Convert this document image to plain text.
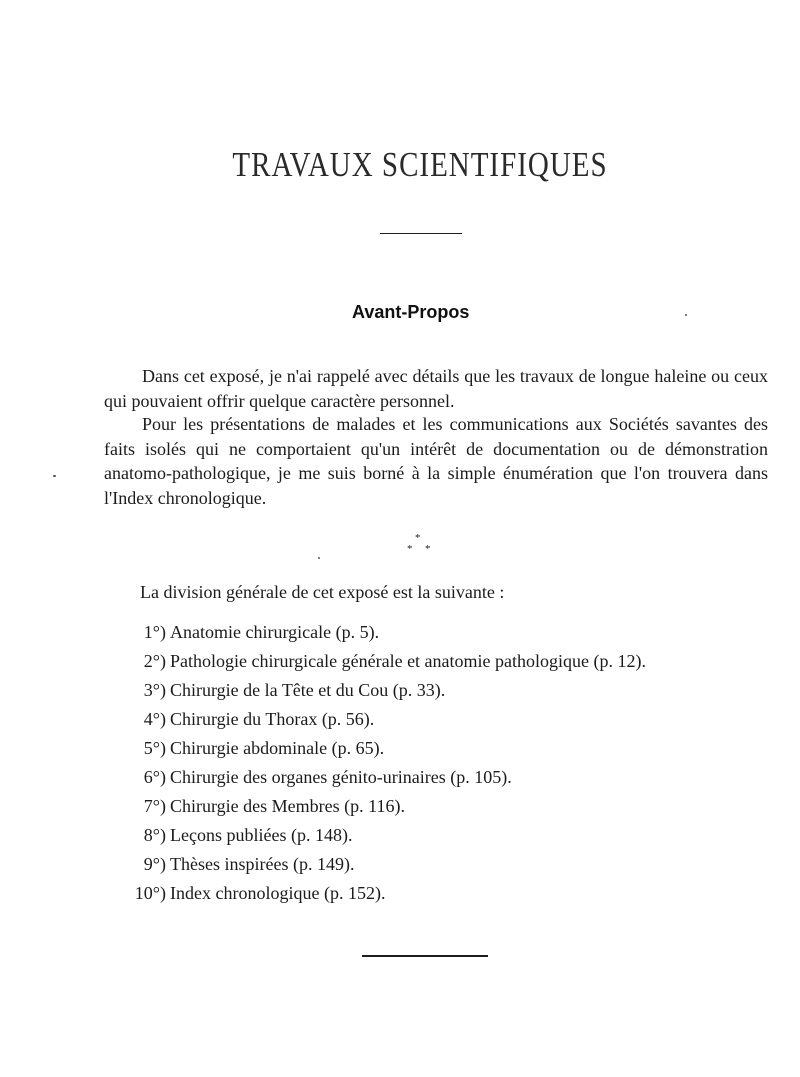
TRAVAUX SCIENTIFIQUES
Avant-Propos

Dans cet exposé, je n'ai rappelé avec détails que les travaux de longue haleine ou ceux qui pouvaient offrir quelque caractère personnel.

Pour les présentations de malades et les communications aux Sociétés savantes des faits isolés qui ne comportaient qu'un intérêt de documentation ou de démonstration anatomo-pathologique, je me suis borné à la simple énumération que l'on trouvera dans l'Index chronologique.

*
* *
La division générale de cet exposé est la suivante :
1°) Anatomie chirurgicale (p. 5).
2°) Pathologie chirurgicale générale et anatomie pathologique (p. 12).
3°) Chirurgie de la Tête et du Cou (p. 33).
4°) Chirurgie du Thorax (p. 56).
5°) Chirurgie abdominale (p. 65).
6°) Chirurgie des organes génito-urinaires (p. 105).
7°) Chirurgie des Membres (p. 116).
8°) Leçons publiées (p. 148).
9°) Thèses inspirées (p. 149).
10°) Index chronologique (p. 152).
